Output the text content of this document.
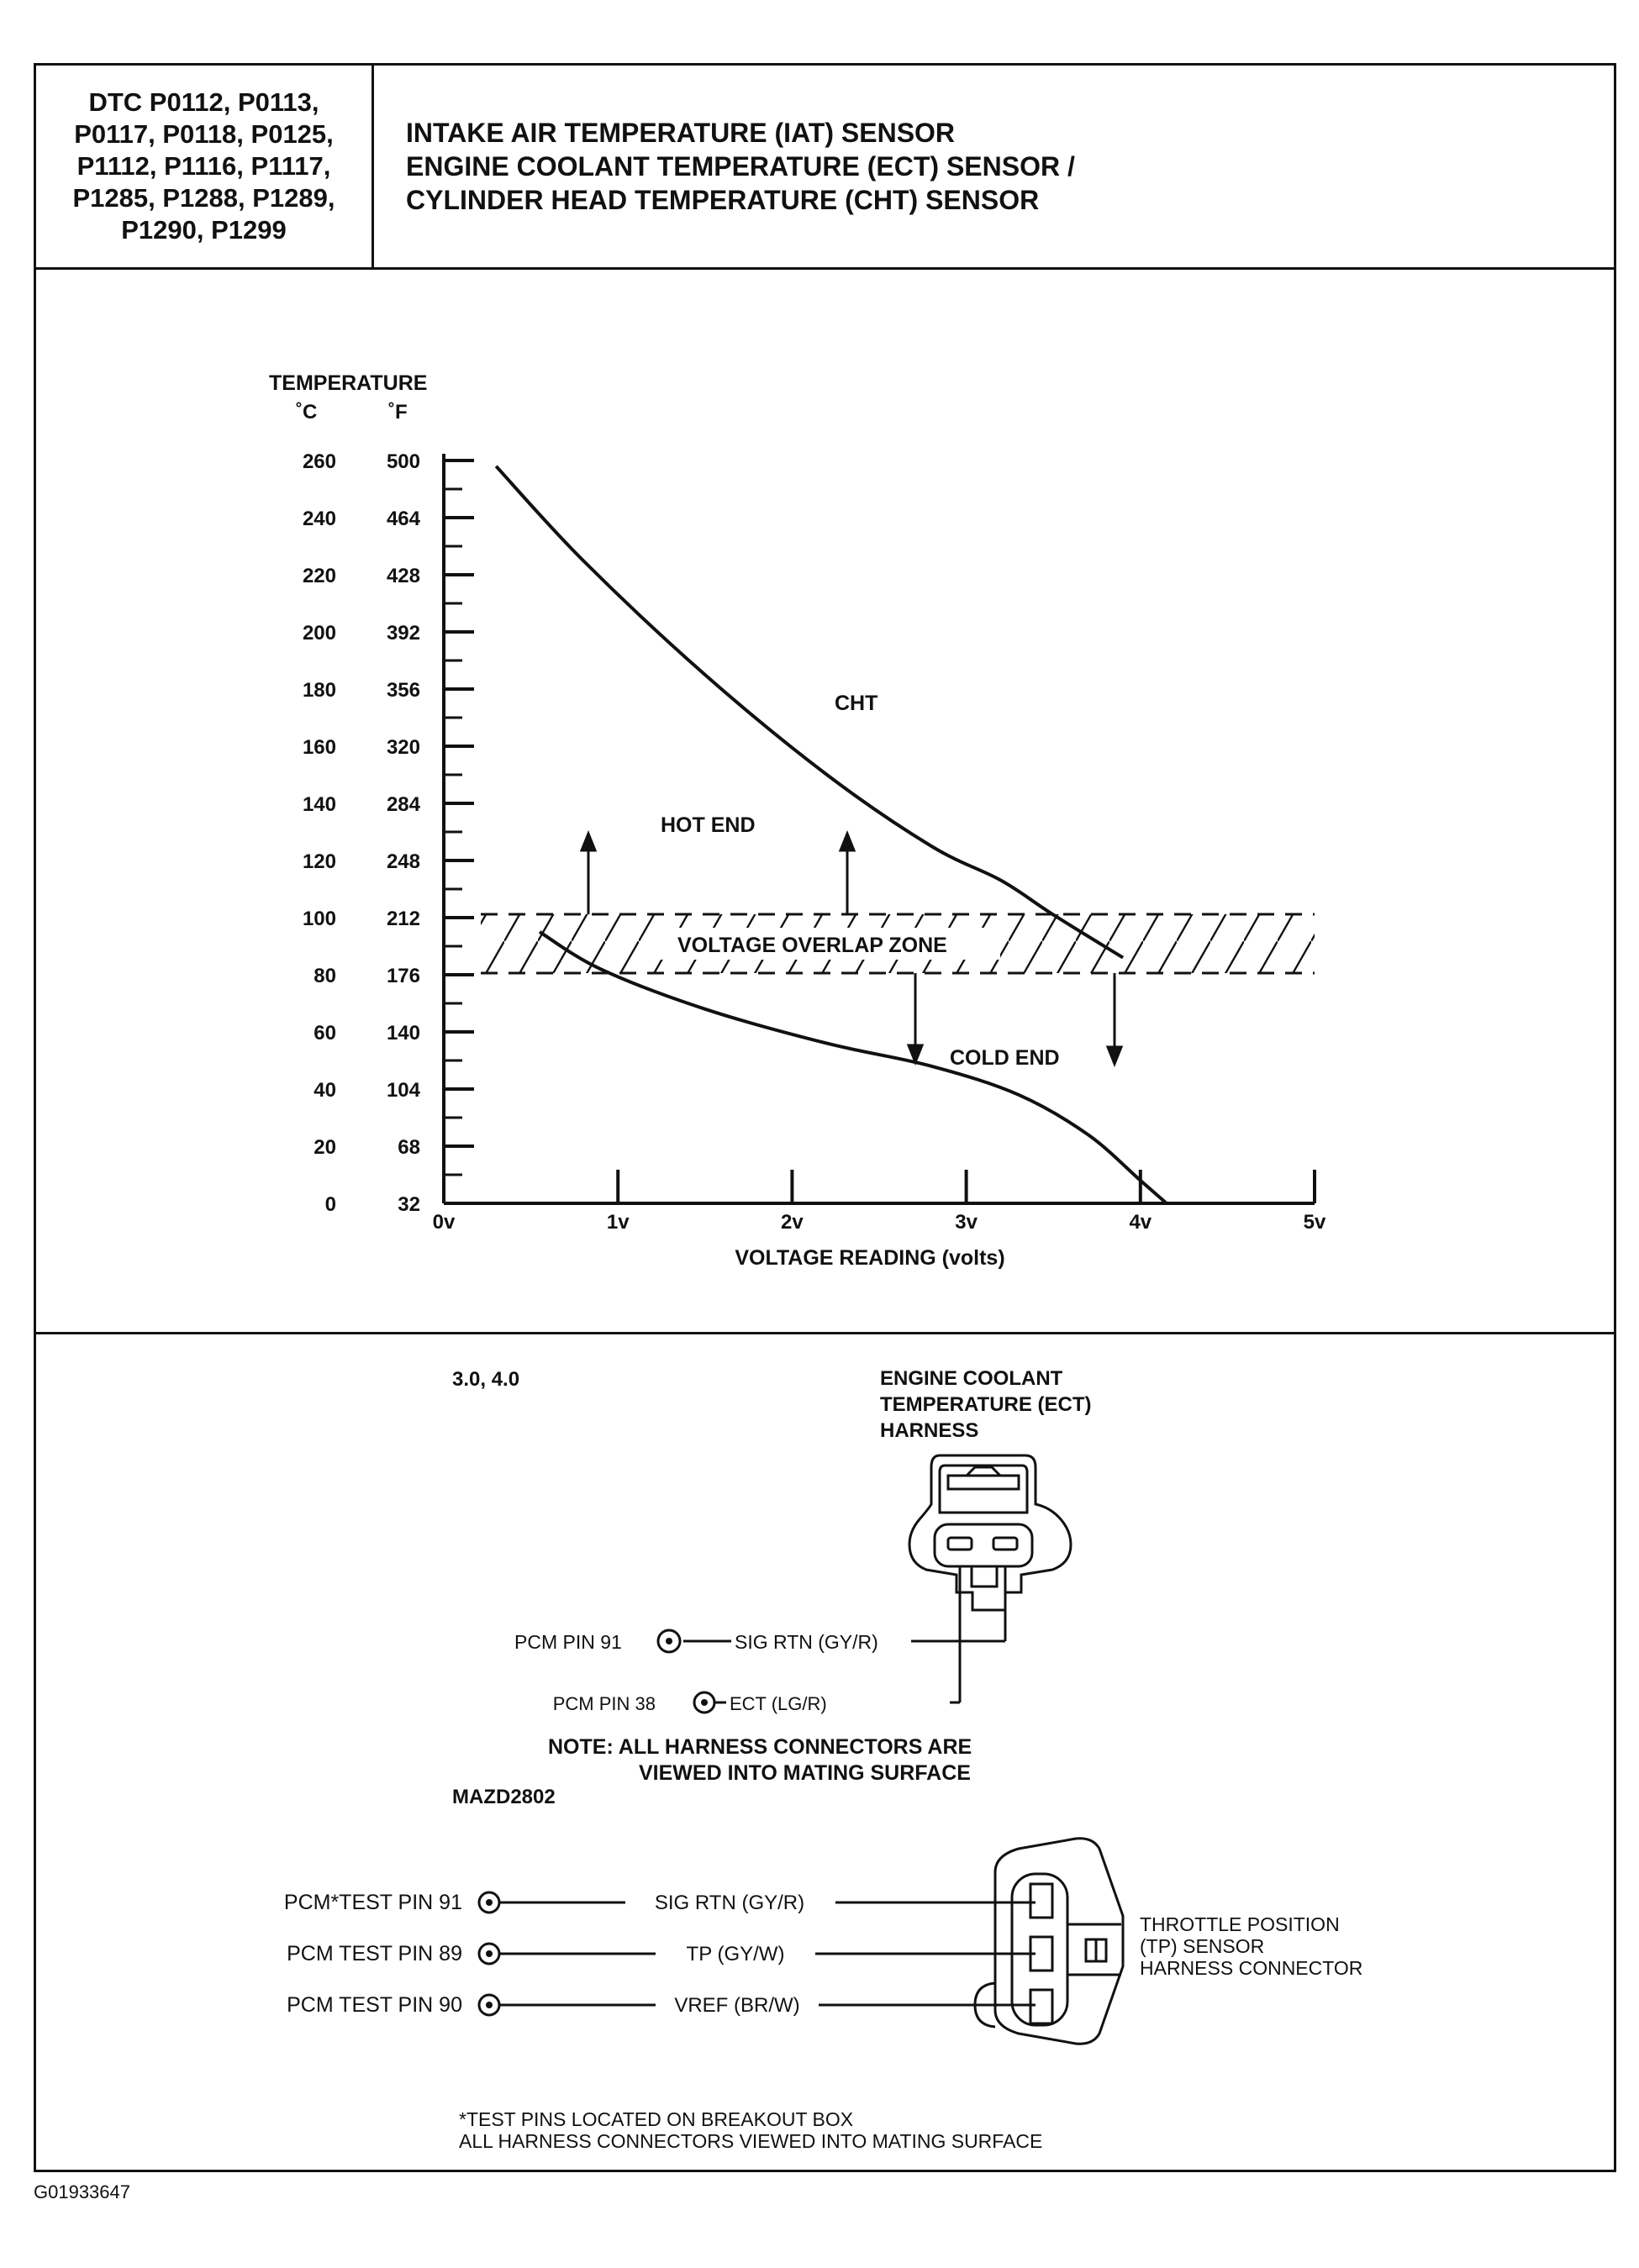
DTC P0112, P0113,
P0117, P0118, P0125,
P1112, P1116, P1117,
P1285, P1288, P1289,
P1290, P1299
INTAKE AIR TEMPERATURE (IAT) SENSOR
ENGINE COOLANT TEMPERATURE (ECT) SENSOR /
CYLINDER HEAD TEMPERATURE (CHT) SENSOR
TEMPERATURE
˚C	˚F
260 500
240 464
220 428
200 392
180 356
160 320
140 284
120 248
100 212
80 176
60 140
40 104
20	68
0	32
0v	1v	2v	3v	4v	5v
CHT
HOT END
VOLTAGE OVERLAP ZONE
COLD END
VOLTAGE READING (volts)
3.0, 4.0	ENGINE COOLANT
TEMPERATURE (ECT)
HARNESS
PCM PIN 91	SIG RTN (GY/R)
PCM PIN 38	ECT (LG/R)
NOTE: ALL HARNESS CONNECTORS ARE
VIEWED INTO MATING SURFACE
MAZD2802
PCM*TEST PIN 91
PCM TEST PIN 89
PCM TEST PIN 90
SIG RTN (GY/R)
TP (GY/W)
VREF (BR/W)
THROTTLE POSITION
(TP) SENSOR
HARNESS CONNECTOR
*TEST PINS LOCATED ON BREAKOUT BOX
ALL HARNESS CONNECTORS VIEWED INTO MATING SURFACE
G01933647
